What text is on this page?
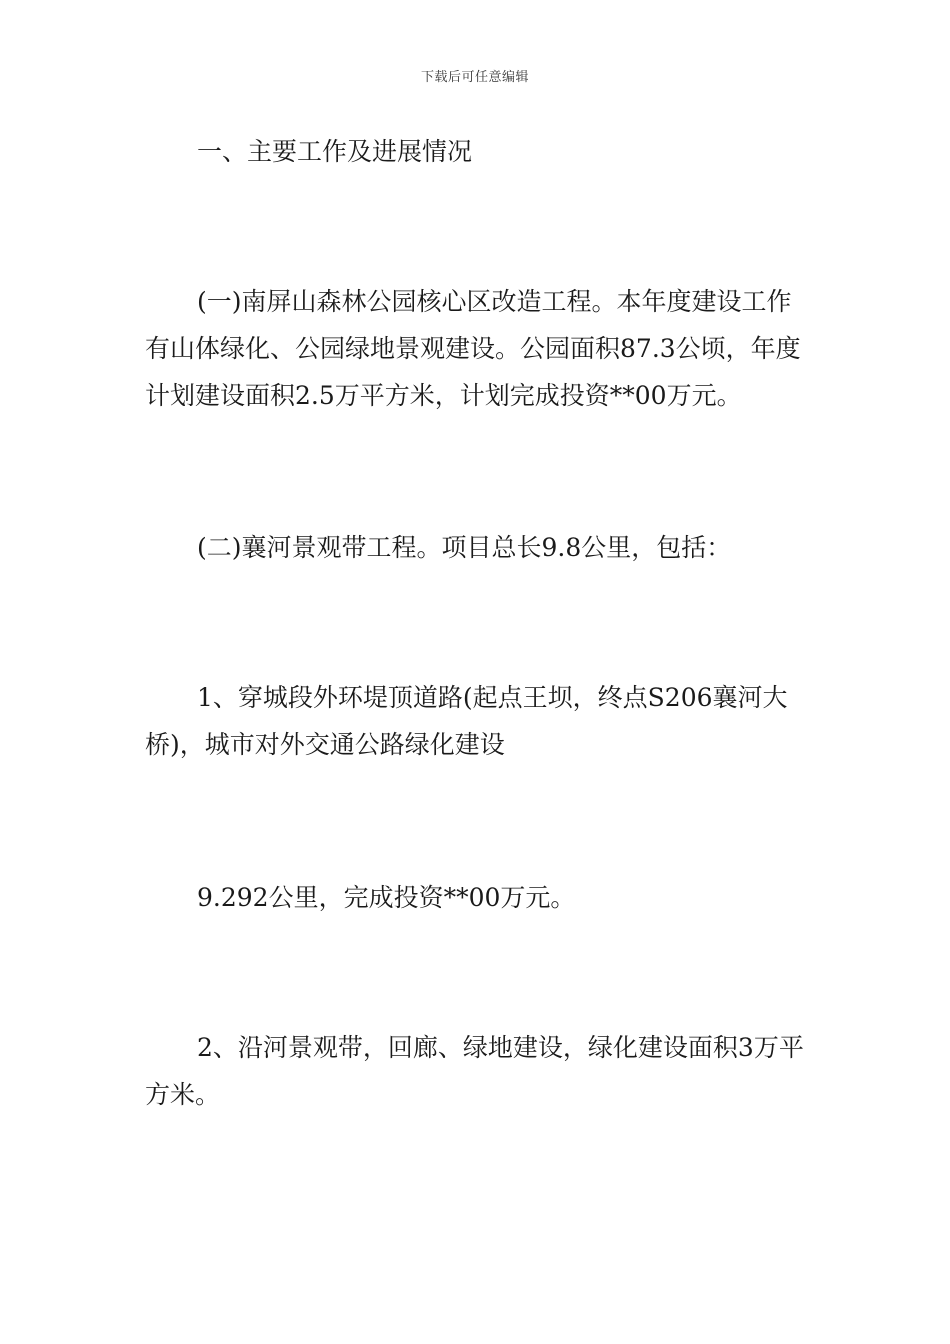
下载后可任意编辑

一、主要工作及进展情况

(一)南屏山森林公园核心区改造工程。本年度建设工作有山体绿化、公园绿地景观建设。公园面积87.3公顷，年度计划建设面积2.5万平方米，计划完成投资**00万元。

(二)襄河景观带工程。项目总长9.8公里，包括：

1、穿城段外环堤顶道路(起点王坝，终点S206襄河大桥)，城市对外交通公路绿化建设

9.292公里，完成投资**00万元。

2、沿河景观带，回廊、绿地建设，绿化建设面积3万平方米。
